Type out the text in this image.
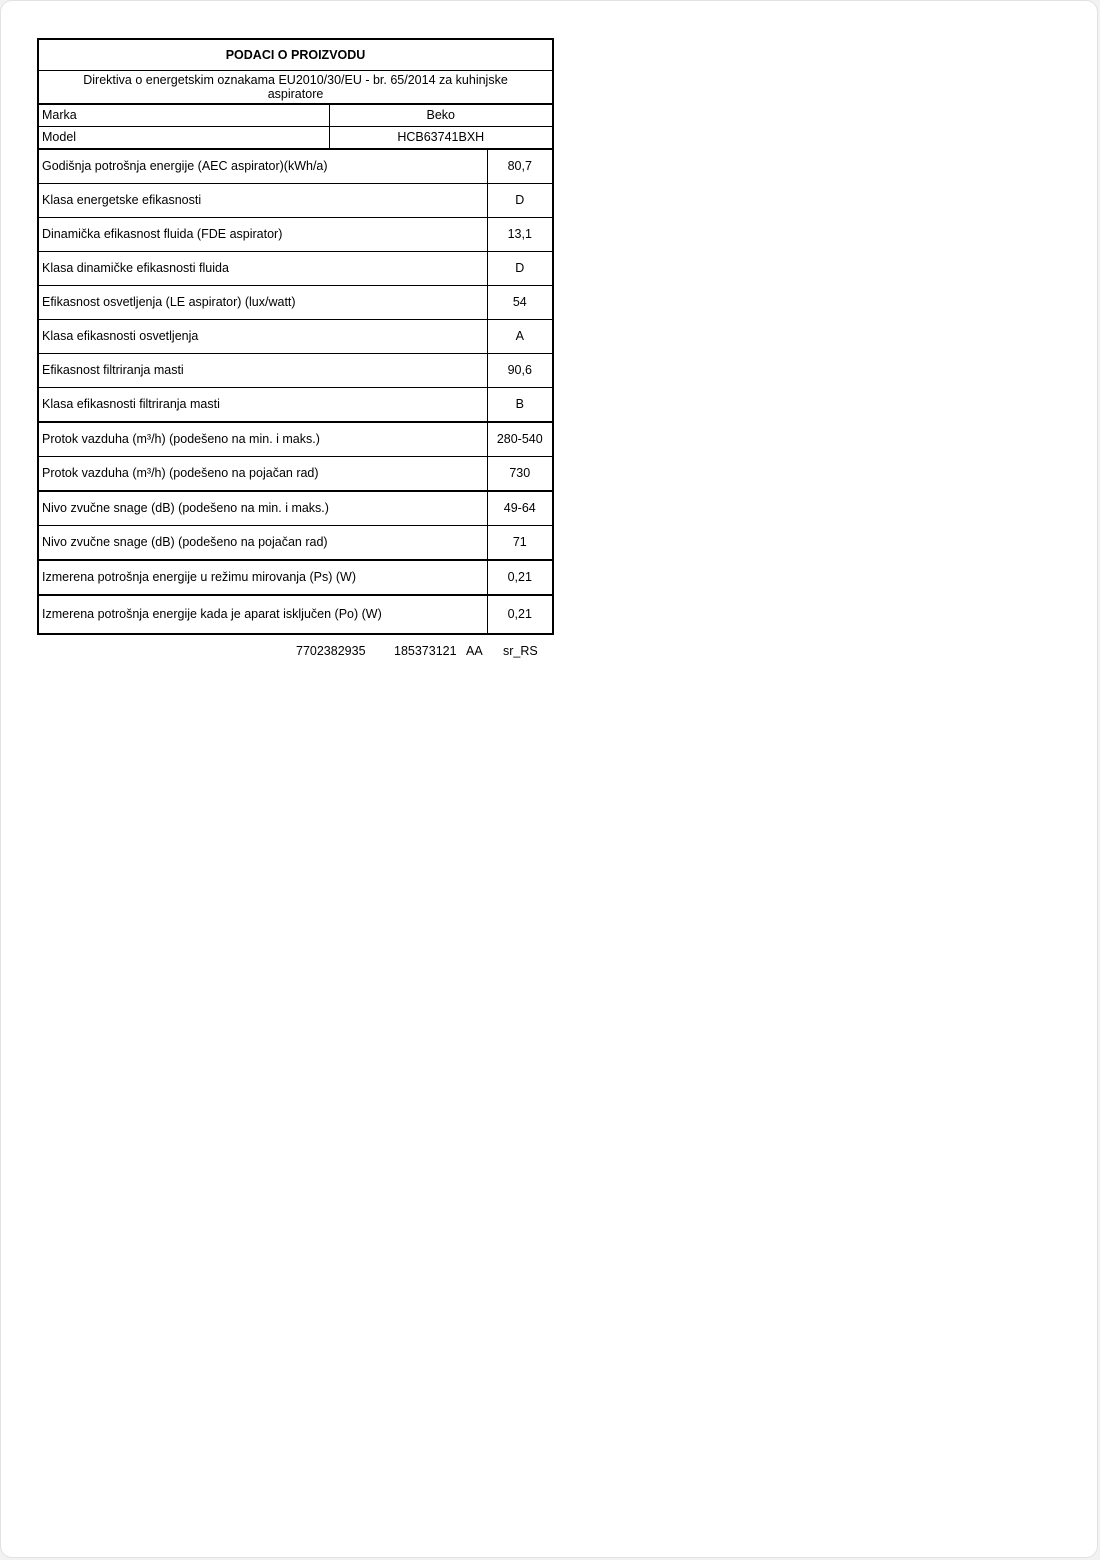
PODACI O PROIZVODU		
Direktiva o energetskim oznakama EU2010/30/EU - br. 65/2014 za kuhinjske aspiratore		
Marka	Beko	
Model	HCB63741BXH	
Godišnja potrošnja energije (AEC aspirator)(kWh/a)		80,7
Klasa energetske efikasnosti		D
Dinamička efikasnost fluida (FDE aspirator)		13,1
Klasa dinamičke efikasnosti fluida		D
Efikasnost osvetljenja (LE aspirator) (lux/watt)		54
Klasa efikasnosti osvetljenja		A
Efikasnost filtriranja masti		90,6
Klasa efikasnosti filtriranja masti		B
Protok vazduha (m³/h) (podešeno na min. i maks.)		280-540
Protok vazduha (m³/h) (podešeno na pojačan rad)		730
Nivo zvučne snage (dB) (podešeno na min. i maks.)		49-64
Nivo zvučne snage (dB) (podešeno na pojačan rad)		71
Izmerena potrošnja energije u režimu mirovanja (Ps) (W)		0,21
Izmerena potrošnja energije kada je aparat isključen (Po) (W)		0,21
7702382935 185373121 AA sr_RS
